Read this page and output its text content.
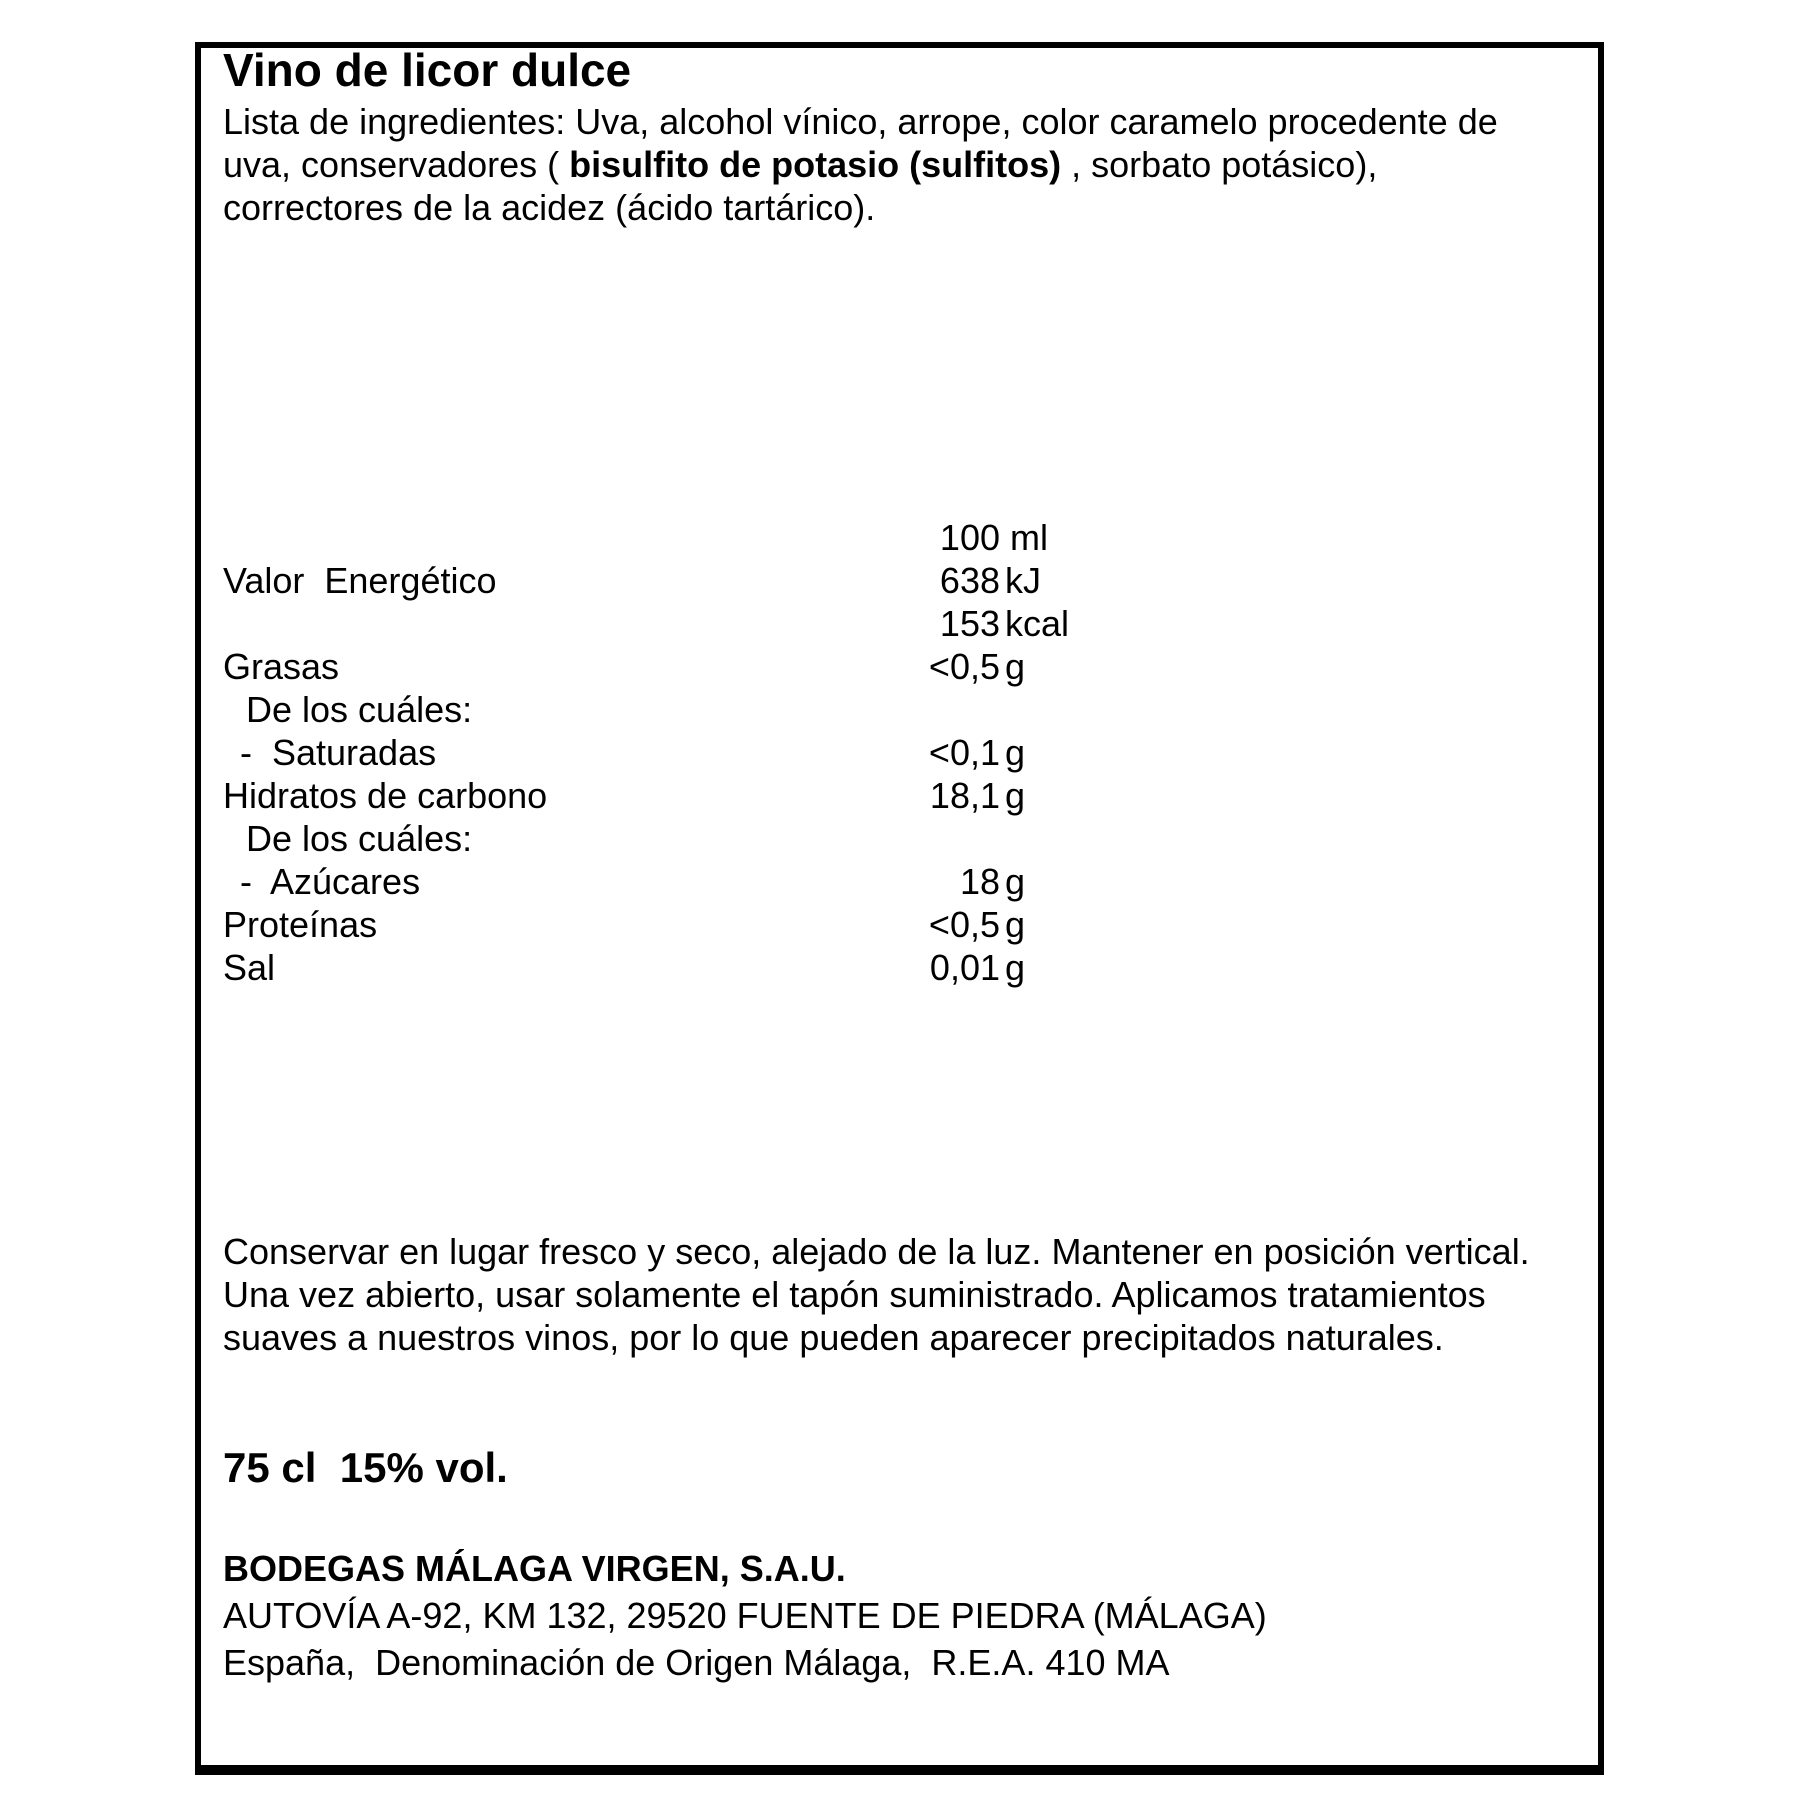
Vino de licor dulce
Lista de ingredientes: Uva, alcohol vínico, arrope, color caramelo procedente de
uva, conservadores ( bisulfito de potasio (sulfitos) , sorbato potásico),
correctores de la acidez (ácido tartárico).
100 ml
Valor  Energético	638 kJ
153 kcal
Grasas	<0,5 g
De los cuáles:
-  Saturadas	<0,1 g
Hidratos de carbono	18,1 g
De los cuáles:
-  Azúcares	18 g
Proteínas	<0,5 g
Sal	0,01 g
Conservar en lugar fresco y seco, alejado de la luz. Mantener en posición vertical.
Una vez abierto, usar solamente el tapón suministrado. Aplicamos tratamientos
suaves a nuestros vinos, por lo que pueden aparecer precipitados naturales.
75 cl  15% vol.
BODEGAS MÁLAGA VIRGEN, S.A.U.
AUTOVÍA A-92, KM 132, 29520 FUENTE DE PIEDRA (MÁLAGA)
España,  Denominación de Origen Málaga,  R.E.A. 410 MA
